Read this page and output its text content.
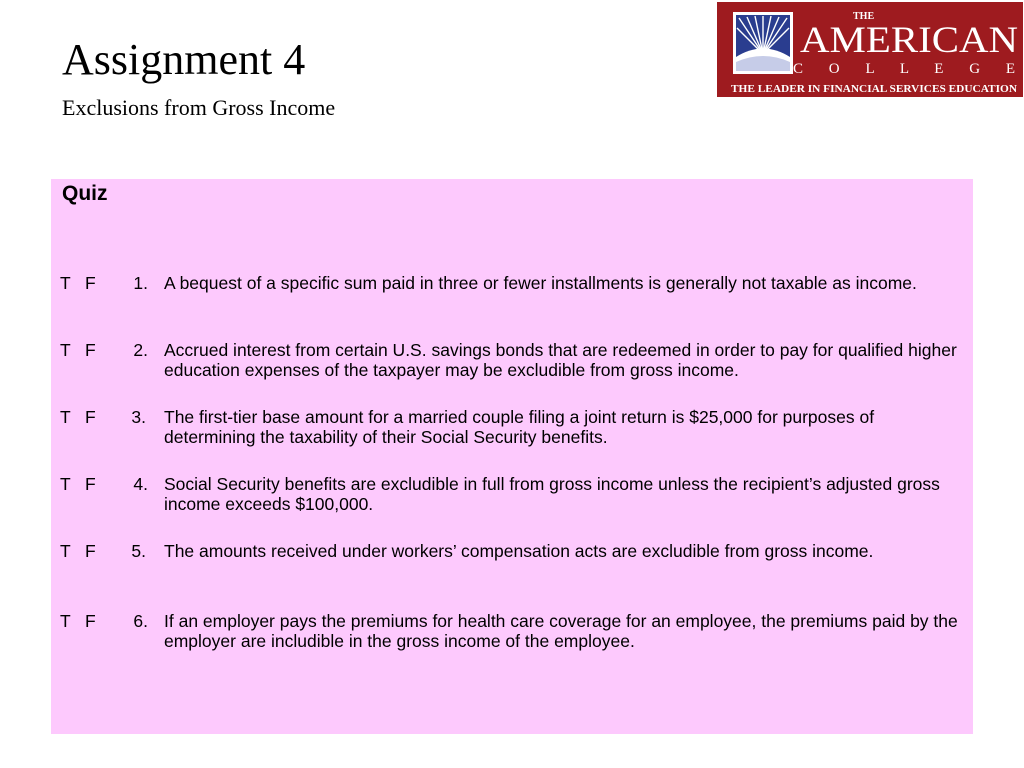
Assignment 4
Exclusions from Gross Income
THE
AMERICAN
C O L L E G E
THE LEADER IN FINANCIAL SERVICES EDUCATION
Quiz
T F	1. A bequest of a specific sum paid in three or fewer installments is generally not taxable as income.
T F	2. Accrued interest from certain U.S. savings bonds that are redeemed in order to pay for qualified higher education expenses of the taxpayer may be excludible from gross income.
T F	3. The first-tier base amount for a married couple filing a joint return is $25,000 for purposes of determining the taxability of their Social Security benefits.
T F	4. Social Security benefits are excludible in full from gross income unless the recipient’s adjusted gross income exceeds $100,000.
T F	5. The amounts received under workers’ compensation acts are excludible from gross income.
T F	6. If an employer pays the premiums for health care coverage for an employee, the premiums paid by the employer are includible in the gross income of the employee.
